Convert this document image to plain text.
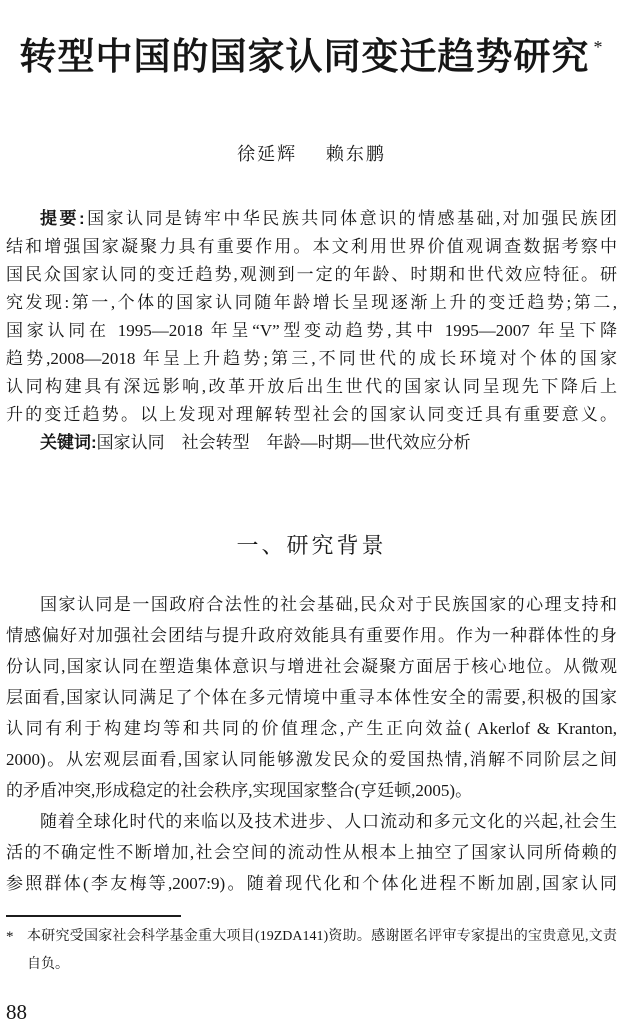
转型中国的国家认同变迁趋势研究 *
徐延辉 赖东鹏
提要:国家认同是铸牢中华民族共同体意识的情感基础,对加强民族团
结和增强国家凝聚力具有重要作用。本文利用世界价值观调查数据考察中
国民众国家认同的变迁趋势,观测到一定的年龄、时期和世代效应特征。研
究发现:第一,个体的国家认同随年龄增长呈现逐渐上升的变迁趋势;第二,
国家认同在 1995—2018 年呈“V”型变动趋势,其中 1995—2007 年呈下降
趋势,2008—2018 年呈上升趋势;第三,不同世代的成长环境对个体的国家
认同构建具有深远影响,改革开放后出生世代的国家认同呈现先下降后上
升的变迁趋势。以上发现对理解转型社会的国家认同变迁具有重要意义。
关键词:国家认同　社会转型　年龄—时期—世代效应分析
一、研究背景
国家认同是一国政府合法性的社会基础,民众对于民族国家的心理支持和
情感偏好对加强社会团结与提升政府效能具有重要作用。作为一种群体性的身
份认同,国家认同在塑造集体意识与增进社会凝聚方面居于核心地位。从微观
层面看,国家认同满足了个体在多元情境中重寻本体性安全的需要,积极的国家
认同有利于构建均等和共同的价值理念,产生正向效益( Akerlof & Kranton,
2000)。从宏观层面看,国家认同能够激发民众的爱国热情,消解不同阶层之间
的矛盾冲突,形成稳定的社会秩序,实现国家整合(亨廷顿,2005)。
随着全球化时代的来临以及技术进步、人口流动和多元文化的兴起,社会生
活的不确定性不断增加,社会空间的流动性从根本上抽空了国家认同所倚赖的
参照群体(李友梅等,2007:9)。随着现代化和个体化进程不断加剧,国家认同
* 本研究受国家社会科学基金重大项目(19ZDA141)资助。感谢匿名评审专家提出的宝贵意见,文责
自负。
88
